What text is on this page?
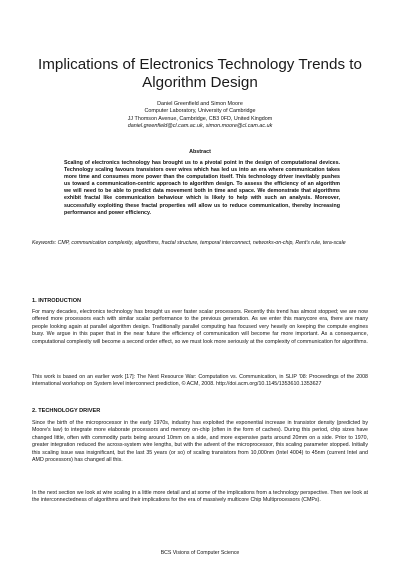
Implications of Electronics Technology Trends to Algorithm Design
Daniel Greenfield and Simon Moore
Computer Laboratory, University of Cambridge
JJ Thomson Avenue, Cambridge, CB3 0FD, United Kingdom
daniel.greenfield@cl.cam.ac.uk, simon.moore@cl.cam.ac.uk
Abstract
Scaling of electronics technology has brought us to a pivotal point in the design of computational devices. Technology scaling favours transistors over wires which has led us into an era where communication takes more time and consumes more power than the computation itself. This technology driver inevitably pushes us toward a communication-centric approach to algorithm design. To assess the efficiency of an algorithm we will need to be able to predict data movement both in time and space. We demonstrate that algorithms exhibit fractal like communication behaviour which is likely to help with such an analysis. Moreover, successfully exploiting these fractal properties will allow us to reduce communication, thereby increasing performance and power efficiency.
Keywords: CMP, communication complexity, algorithms, fractal structure, temporal interconnect, networks-on-chip, Rent's rule, tera-scale
1. INTRODUCTION
For many decades, electronics technology has brought us ever faster scalar processors. Recently this trend has almost stopped; we are now offered more processors each with similar scalar performance to the previous generation. As we enter this manycore era, there are many people looking again at parallel algorithm design. Traditionally parallel computing has focused very heavily on keeping the compute engines busy. We argue in this paper that in the near future the efficiency of communication will become far more important. As a consequence, computational complexity will become a second order effect, so we must look more seriously at the complexity of communication for algorithms.
This work is based on an earlier work [17]: The Next Resource War: Computation vs. Communication, in SLIP '08: Proceedings of the 2008 international workshop on System level interconnect prediction, © ACM, 2008. http://doi.acm.org/10.1145/1353610.1353627
2. TECHNOLOGY DRIVER
Since the birth of the microprocessor in the early 1970s, industry has exploited the exponential increase in transistor density (predicted by Moore's law) to integrate more elaborate processors and memory on-chip (often in the form of caches). During this period, chip sizes have changed little, often with commodity parts being around 10mm on a side, and more expensive parts around 20mm on a side. Prior to 1970, greater integration reduced the across-system wire lengths, but with the advent of the microprocessor, this scaling parameter stopped. Initially this scaling issue was insignificant, but the last 35 years (or so) of scaling transistors from 10,000nm (Intel 4004) to 45nm (current Intel and AMD processors) has changed all this.
In the next section we look at wire scaling in a little more detail and at some of the implications from a technology perspective. Then we look at the interconnectedness of algorithms and their implications for the era of massively multicore Chip Multiprocessors (CMPs).
BCS Visions of Computer Science
